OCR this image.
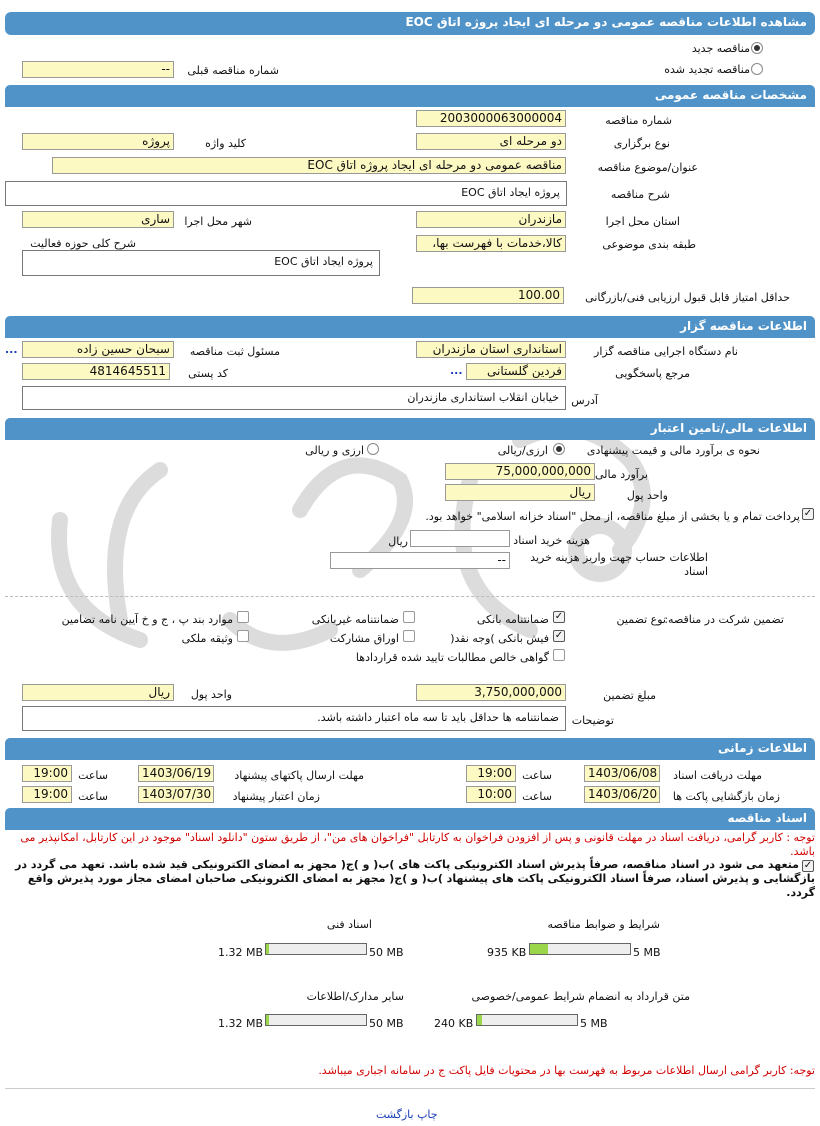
مشاهده اطلاعات مناقصه عمومی دو مرحله ای ایجاد پروژه اتاق EOC
مناقصه جدید
مناقصه تجدید شده
--	شماره مناقصه قبلی
مشخصات مناقصه عمومی
شماره مناقصه
2003000063000004
نوع برگزاری
دو مرحله ای
کلید واژه
پروژه
عنوان/موضوع مناقصه
مناقصه عمومی دو مرحله ای ایجاد پروژه اتاق EOC
شرح مناقصه
پروژه ایجاد اتاق EOC
استان محل اجرا
مازندران
شهر محل اجرا
ساری
طبقه بندی موضوعی
کالا،خدمات با فهرست بها،
شرح کلی حوزه فعالیت
پروژه ایجاد اتاق EOC
حداقل امتیاز قابل قبول ارزیابی فنی/بازرگانی
100.00
اطلاعات مناقصه گزار
نام دستگاه اجرایی مناقصه گزار
استانداری استان مازندران
مسئول ثبت مناقصه
سبحان حسین زاده
...
مرجع پاسخگویی
فردین گلستانی
...
کد پستی
4814645511
آدرس
خیابان انقلاب استانداری مازندران
اطلاعات مالی/تامین اعتبار
نحوه ی برآورد مالی و قیمت پیشنهادی
ارزی/ریالی
ارزی و ریالی
برآورد مالی
75,000,000,000
واحد پول
ریال
✓
پرداخت تمام و یا بخشی از مبلغ مناقصه، از محل "اسناد خزانه اسلامی" خواهد بود.
هزینه خرید اسناد
ریال
اطلاعات حساب جهت واریز هزینه خرید اسناد
--
تضمین شرکت در مناقصه:
نوع تضمین
✓
ضمانتنامه بانکی
ضمانتنامه غیربانکی
موارد بند پ ، ج و خ آیین نامه تضامین
✓
فیش بانکی )وجه نقد(
اوراق مشارکت
وثیقه ملکی
گواهی خالص مطالبات تایید شده قراردادها
مبلغ تضمین
3,750,000,000
واحد پول
ریال
توضیحات
ضمانتنامه ها حداقل باید تا سه ماه اعتبار داشته باشد.
اطلاعات زمانی
مهلت دریافت اسناد
1403/06/08
ساعت
19:00
مهلت ارسال پاکتهای پیشنهاد
1403/06/19
ساعت
19:00
زمان بازگشایی پاکت ها
1403/06/20
ساعت
10:00
زمان اعتبار پیشنهاد
1403/07/30
ساعت
19:00
اسناد مناقصه
توجه : کاربر گرامی، دریافت اسناد در مهلت قانونی و پس از افزودن فراخوان به کارتابل "فراخوان های من"، از طریق ستون "دانلود اسناد" موجود در این کارتابل، امکانپذیر می باشد.
✓
متعهد می شود در اسناد مناقصه، صرفاً پذیرش اسناد الکترونیکی پاکت های )ب( و )ج( مجهز به امضای الکترونیکی قید شده باشد. تعهد می گردد در بازگشایی و پذیرش اسناد، صرفاً اسناد الکترونیکی پاکت های پیشنهاد )ب( و )ج( مجهز به امضای الکترونیکی صاحبان امضای مجاز مورد پذیرش واقع گردد.
شرایط و ضوابط مناقصه
5 MB
935 KB
اسناد فنی
50 MB
1.32 MB
متن قرارداد به انضمام شرایط عمومی/خصوصی
5 MB
240 KB
سایر مدارک/اطلاعات
50 MB
1.32 MB
توجه: کاربر گرامی ارسال اطلاعات مربوط به فهرست بها در محتویات فایل پاکت ج در سامانه اجباری میباشد.
چاپ بازگشت
